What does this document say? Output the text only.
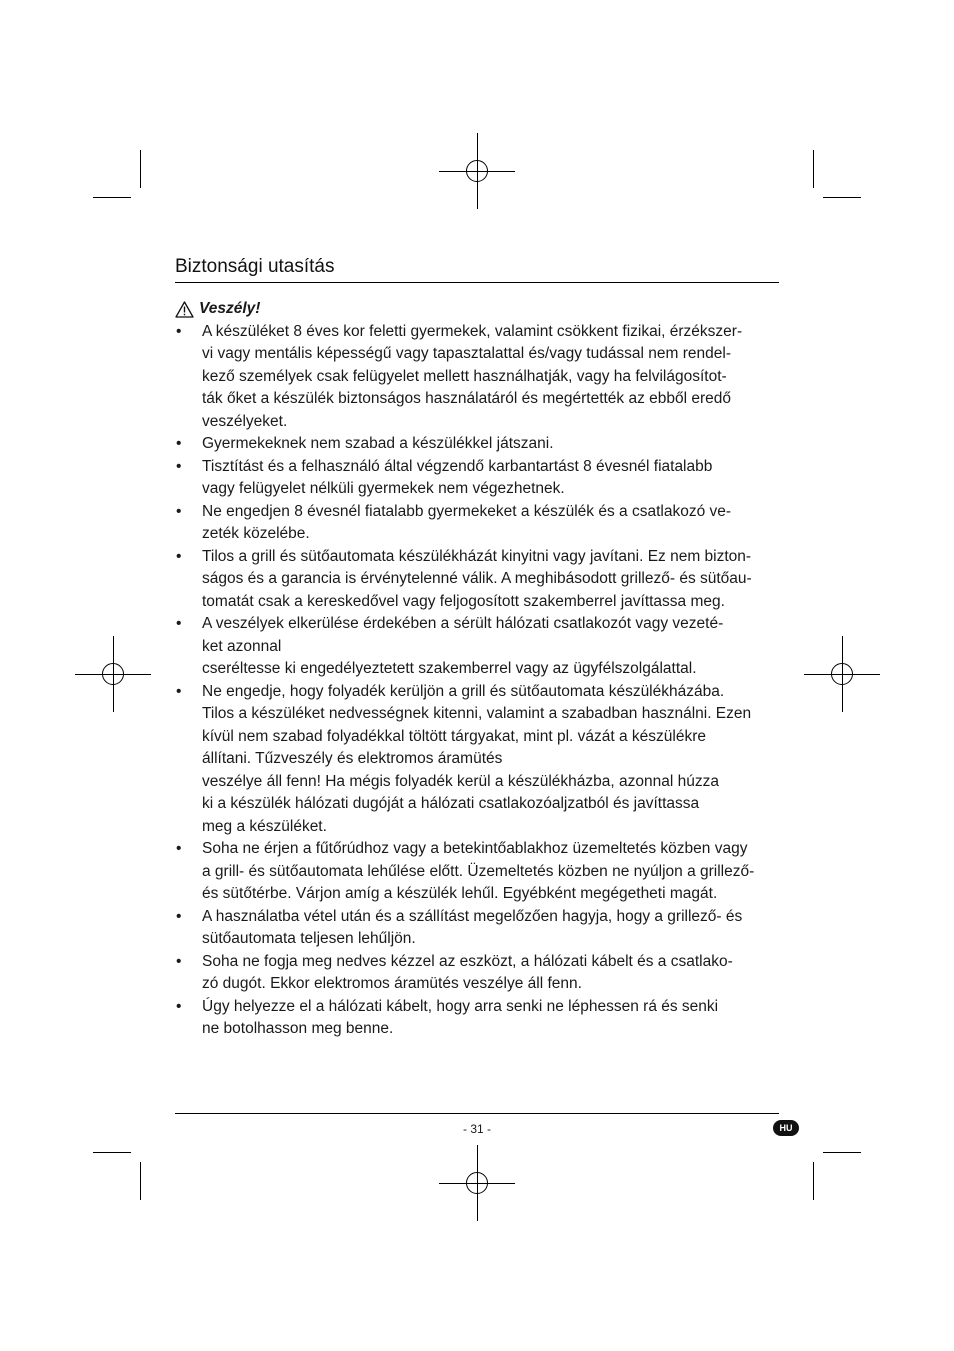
Biztonsági utasítás
Veszély!
• A készüléket 8 éves kor feletti gyermekek, valamint csökkent fizikai, érzékszer-
vi vagy mentális képességű vagy tapasztalattal és/vagy tudással nem rendel-
kező személyek csak felügyelet mellett használhatják, vagy ha felvilágosítot-
ták őket a készülék biztonságos használatáról és megértették az ebből eredő
veszélyeket.
• Gyermekeknek nem szabad a készülékkel játszani.
• Tisztítást és a felhasználó által végzendő karbantartást 8 évesnél fiatalabb
vagy felügyelet nélküli gyermekek nem végezhetnek.
• Ne engedjen 8 évesnél fiatalabb gyermekeket a készülék és a csatlakozó ve-
zeték közelébe.
• Tilos a grill és sütőautomata készülékházát kinyitni vagy javítani. Ez nem bizton-
ságos és a garancia is érvénytelenné válik. A meghibásodott grillező- és sütőau-
tomatát csak a kereskedővel vagy feljogosított szakemberrel javíttassa meg.
• A veszélyek elkerülése érdekében a sérült hálózati csatlakozót vagy vezeté-
ket azonnal
cseréltesse ki engedélyeztetett szakemberrel vagy az ügyfélszolgálattal.
• Ne engedje, hogy folyadék kerüljön a grill és sütőautomata készülékházába.
Tilos a készüléket nedvességnek kitenni, valamint a szabadban használni. Ezen
kívül nem szabad folyadékkal töltött tárgyakat, mint pl. vázát a készülékre
állítani. Tűzveszély és elektromos áramütés
veszélye áll fenn! Ha mégis folyadék kerül a készülékházba, azonnal húzza
ki a készülék hálózati dugóját a hálózati csatlakozóaljzatból és javíttassa
meg a készüléket.
• Soha ne érjen a fűtőrúdhoz vagy a betekintőablakhoz üzemeltetés közben vagy
a grill- és sütőautomata lehűlése előtt. Üzemeltetés közben ne nyúljon a grillező-
és sütőtérbe. Várjon amíg a készülék lehűl. Egyébként megégetheti magát.
• A használatba vétel után és a szállítást megelőzően hagyja, hogy a grillező- és
sütőautomata teljesen lehűljön.
• Soha ne fogja meg nedves kézzel az eszközt, a hálózati kábelt és a csatlako-
zó dugót. Ekkor elektromos áramütés veszélye áll fenn.
• Úgy helyezze el a hálózati kábelt, hogy arra senki ne léphessen rá és senki
ne botolhasson meg benne.
- 31 -	HU
